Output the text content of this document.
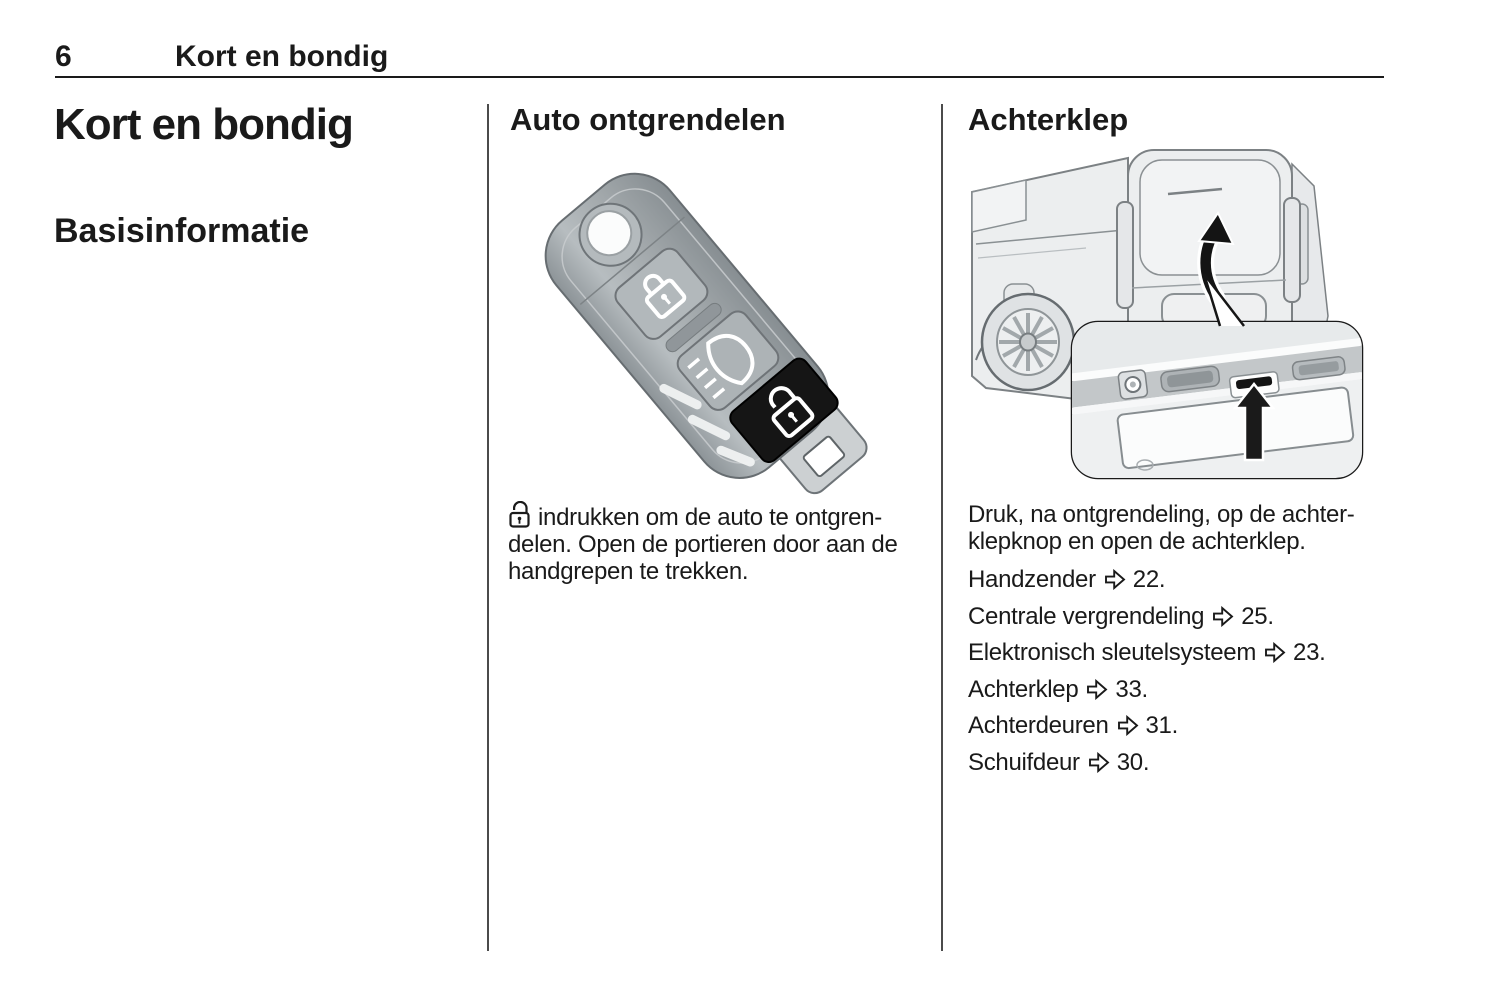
6	Kort en bondig
Kort en bondig
Basisinformatie
Auto ontgrendelen
indrukken om de auto te ontgren-
delen. Open de portieren door aan de
handgrepen te trekken.
Achterklep
Druk, na ontgrendeling, op de achter-
klepknop en open de achterklep.
Handzender 22.
Centrale vergrendeling 25.
Elektronisch sleutelsysteem 23.
Achterklep 33.
Achterdeuren 31.
Schuifdeur 30.
